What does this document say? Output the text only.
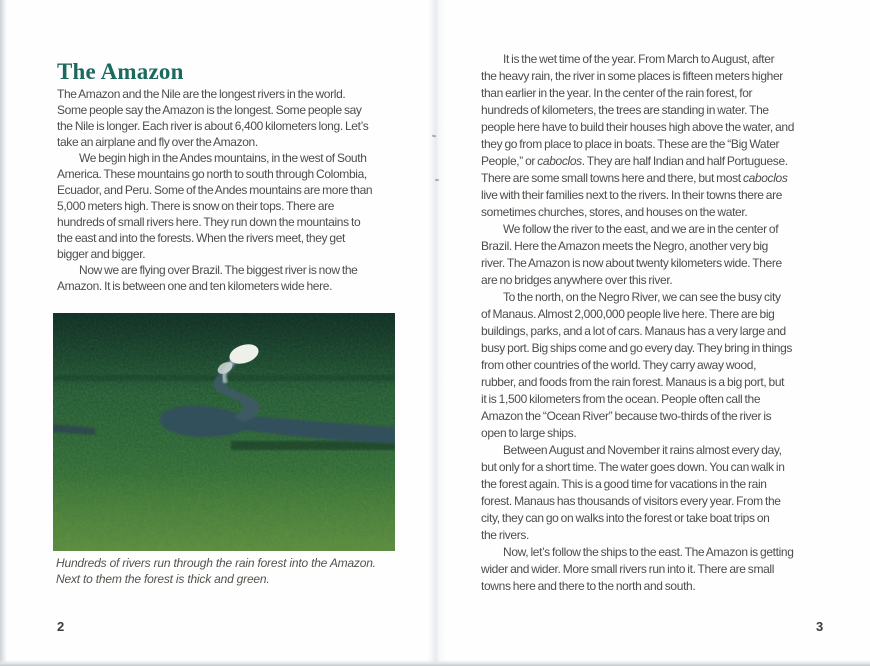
The Amazon

The Amazon and the Nile are the longest rivers in the world.
Some people say the Amazon is the longest. Some people say
the Nile is longer. Each river is about 6,400 kilometers long. Let’s
take an airplane and fly over the Amazon.

We begin high in the Andes mountains, in the west of South
America. These mountains go north to south through Colombia,
Ecuador, and Peru. Some of the Andes mountains are more than
5,000 meters high. There is snow on their tops. There are
hundreds of small rivers here. They run down the mountains to
the east and into the forests. When the rivers meet, they get
bigger and bigger.

Now we are flying over Brazil. The biggest river is now the
Amazon. It is between one and ten kilometers wide here.

Hundreds of rivers run through the rain forest into the Amazon.
Next to them the forest is thick and green.
2

It is the wet time of the year. From March to August, after
the heavy rain, the river in some places is fifteen meters higher
than earlier in the year. In the center of the rain forest, for
hundreds of kilometers, the trees are standing in water. The
people here have to build their houses high above the water, and
they go from place to place in boats. These are the “Big Water
People,” or caboclos. They are half Indian and half Portuguese.
There are some small towns here and there, but most caboclos
live with their families next to the rivers. In their towns there are
sometimes churches, stores, and houses on the water.

We follow the river to the east, and we are in the center of
Brazil. Here the Amazon meets the Negro, another very big
river. The Amazon is now about twenty kilometers wide. There
are no bridges anywhere over this river.

To the north, on the Negro River, we can see the busy city
of Manaus. Almost 2,000,000 people live here. There are big
buildings, parks, and a lot of cars. Manaus has a very large and
busy port. Big ships come and go every day. They bring in things
from other countries of the world. They carry away wood,
rubber, and foods from the rain forest. Manaus is a big port, but
it is 1,500 kilometers from the ocean. People often call the
Amazon the “Ocean River” because two-thirds of the river is
open to large ships.

Between August and November it rains almost every day,
but only for a short time. The water goes down. You can walk in
the forest again. This is a good time for vacations in the rain
forest. Manaus has thousands of visitors every year. From the
city, they can go on walks into the forest or take boat trips on
the rivers.

Now, let’s follow the ships to the east. The Amazon is getting
wider and wider. More small rivers run into it. There are small
towns here and there to the north and south.

3
